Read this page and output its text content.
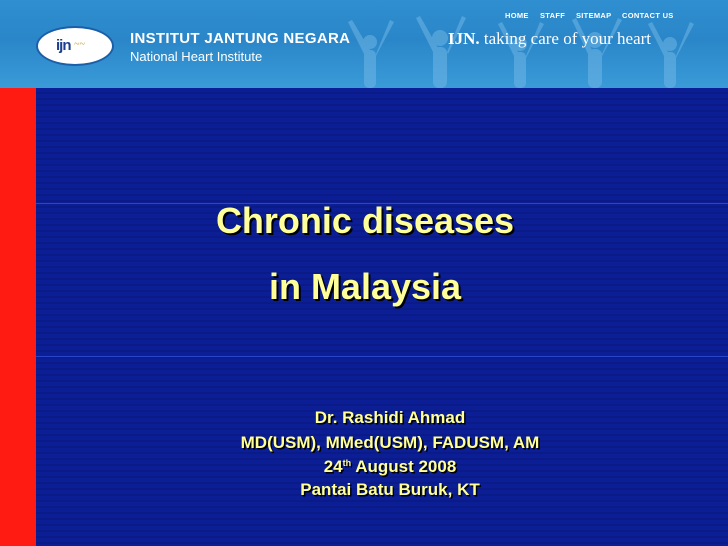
ijn ~~	INSTITUT JANTUNG NEGARA
National Heart Institute
HOME STAFF SITEMAP CONTACT US
IJN. taking care of your heart
Chronic diseases
in Malaysia
Dr. Rashidi Ahmad
MD(USM), MMed(USM), FADUSM, AM
24th August 2008
Pantai Batu Buruk, KT
